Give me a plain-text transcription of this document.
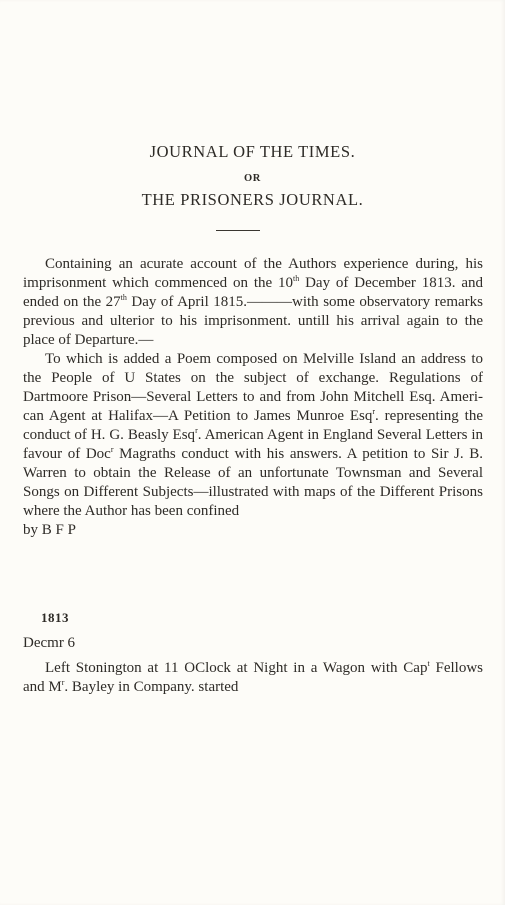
JOURNAL OF THE TIMES.
OR
THE PRISONERS JOURNAL.

Containing an acurate account of the Authors experience during, his imprisonment which commenced on the 10th Day of December 1813. and ended on the 27th Day of April 1815.———with some observatory remarks previous and ulterior to his imprisonment. untill his arrival again to the place of Departure.—

To which is added a Poem composed on Melville Island an address to the People of U States on the subject of exchange. Regulations of Dartmoore Prison—Several Letters to and from John Mitchell Esq. American Agent at Halifax—A Petition to James Munroe Esq$^r$. representing the conduct of H. G. Beasly Esq$^r$. American Agent in England Several Letters in favour of Doc$^r$ Magraths conduct with his answers. A petition to Sir J. B. Warren to obtain the Release of an unfortunate Townsman and Several Songs on Different Subjects—illustrated with maps of the Different Prisons where the Author has been confined

by B F P

1813
Decmr 6

Left Stonington at 11 OClock at Night in a Wagon with Cap$^t$ Fellows and $M^r$. Bayley in Company. started
